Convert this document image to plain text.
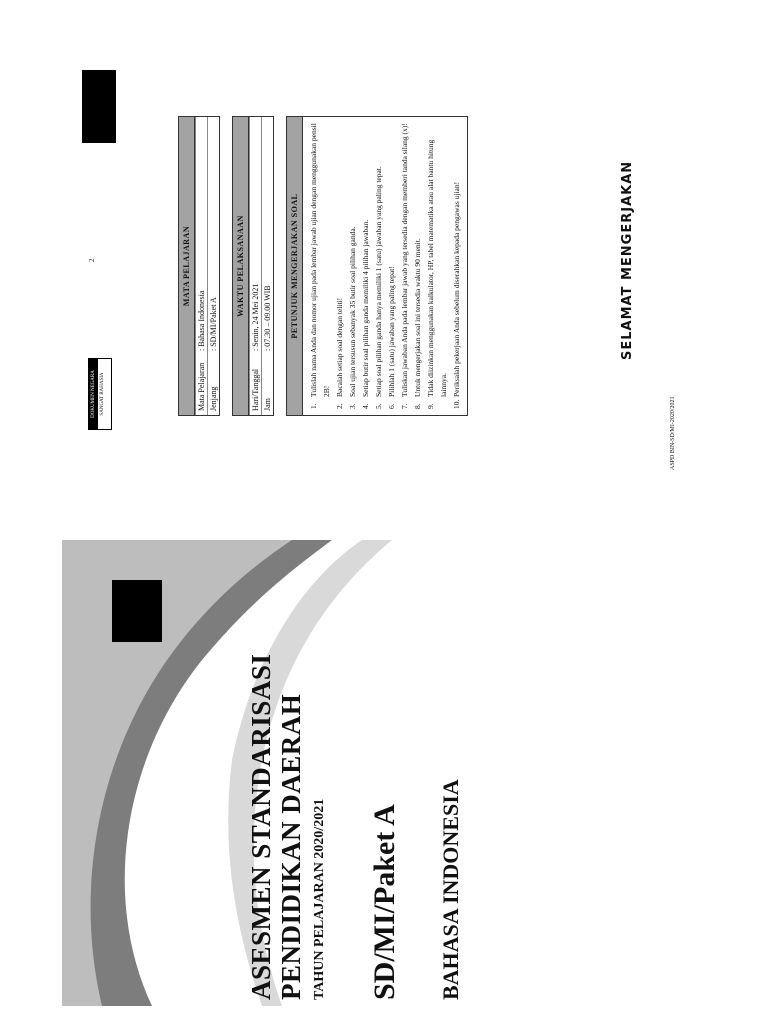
ASESMEN STANDARISASI PENDIDIKAN DAERAH TAHUN PELAJARAN 2020/2021 SD/MI/Paket A BAHASA INDONESIA
DOKUMEN NEGARA SANGAT RAHASIA
2	MATA PELAJARAN
Mata Pelajaran
: Bahasa Indonesia
Jenjang
: SD/MI/Paket A
WAKTU PELAKSANAAN
Hari/Tanggal
: Senin, 24 Mei 2021
Jam
: 07.30 – 09.00 WIB	PETUNJUK MENGERJAKAN SOAL
1.
Tulislah nama Anda dan nomor ujian pada lembar jawab ujian dengan menggunakan pensil 2B!
2.
Bacalah setiap soal dengan teliti!
3.
Soal ujian tersusun sebanyak 35 butir soal pilihan ganda.
4.
Setiap butir soal pilihan ganda memiliki 4 pilihan jawaban.
5.
Setiap soal pilihan ganda hanya memiliki 1 (satu) jawaban yang paling tepat.
6.
Pilihlah 1 (satu) jawaban yang paling tepat!
7.
Tuliskan jawaban Anda pada lembar jawab yang tersedia dengan memberi tanda silang (x)!
8.
Untuk mengerjakan soal ini tersedia waktu 90 menit.
9.
Tidak diizinkan menggunakan kalkulator, HP, tabel matematika atau alat bantu hitung lainnya.
10.
Periksalah pekerjaan Anda sebelum diserahkan kepada pengawas ujian!	SELAMAT MENGERJAKAN
ASPD BIN-SD/MI-2020/2021
